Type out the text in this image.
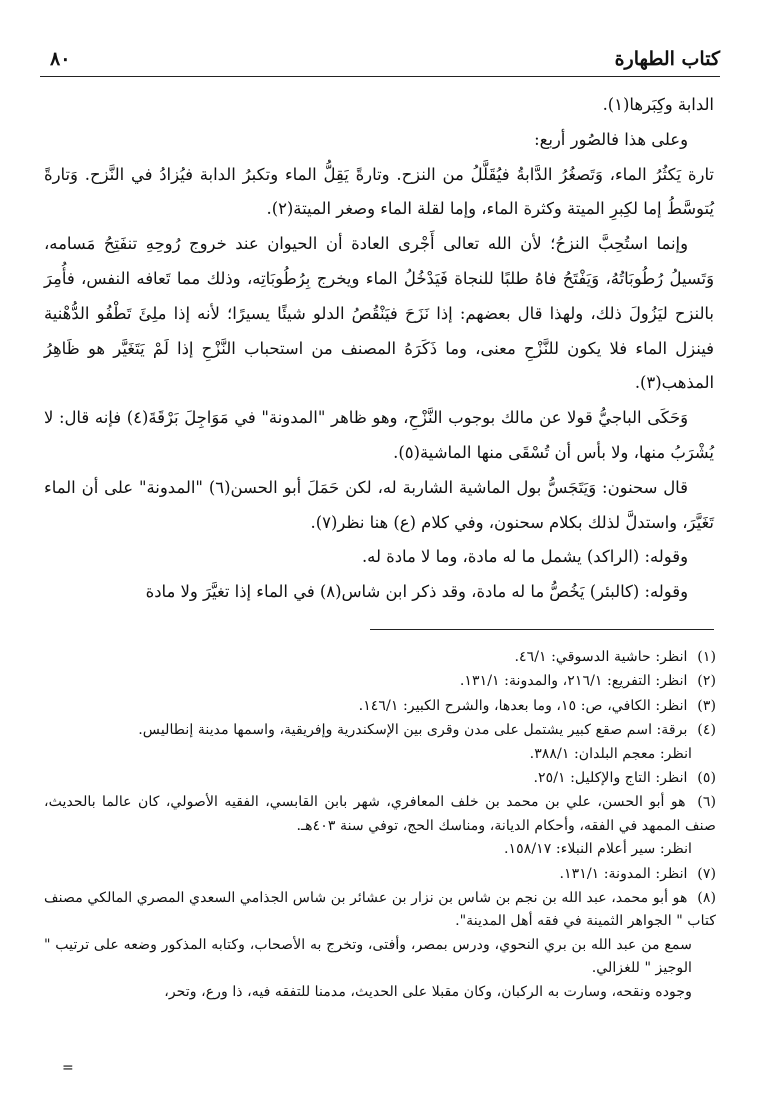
كتاب الطهارة
٨٠

الدابة وكِبَرها(١).

وعلى هذا فالصُور أربع:

تارة يَكثُرُ الماء، وَتَصغُرُ الدَّابةُ فيُقَلَّلُ من النزح. وتارةً يَقِلُّ الماء وتكبرُ الدابة فيُزادُ في النَّزح. وَتارةً يُتوسَّطُ إما لكِبرِ الميتة وكثرة الماء، وإما لقلة الماء وصغر الميتة(٢).

وإنما استُحِبَّ النزحُ؛ لأن الله تعالى أَجْرى العادة أن الحيوان عند خروج رُوحِهِ تنفَتِحُ مَسامه، وَتَسيلُ رُطُوبَاتُهُ، وَيَفْتَحُ فاهُ طلبًا للنجاة فَيَدْخُلُ الماء ويخرج بِرُطُوبَاتِه، وذلك مما تَعافه النفس، فأُمِرَ بالنزح ليَزُولَ ذلك، ولهذا قال بعضهم: إذا نَزَحَ فيَنْقُصُ الدلو شيئًا يسيرًا؛ لأنه إذا ملِئَ تَطْفُو الدُّهْنية فينزل الماء فلا يكون للنَّزْحِ معنى، وما ذَكَرَهُ المصنف من استحباب النَّزْحِ إذا لَمْ يَتَغَيَّر هو ظَاهِرُ المذهب(٣).

وَحَكَى الباجيُّ قولا عن مالك بوجوب النَّزْحِ، وهو ظاهر "المدونة" في مَوَاجِلَ بَرْقَةَ(٤) فإنه قال: لا يُشْرَبُ منها، ولا بأس أن تُسْقَى منها الماشية(٥).

قال سحنون: وَيَتَجَسُّ بول الماشية الشاربة له، لكن حَمَلَ أبو الحسن(٦) "المدونة" على أن الماء تَغَيَّرَ، واستدلَّ لذلك بكلام سحنون، وفي كلام (ع) هنا نظر(٧).

وقوله: (الراكد) يشمل ما له مادة، وما لا مادة له.

وقوله: (كالبئر) يَخُصُّ ما له مادة، وقد ذكر ابن شاس(٨) في الماء إذا تغيَّرَ ولا مادة

(١) انظر: حاشية الدسوقي: ٤٦/١.
(٢) انظر: التفريع: ٢١٦/١، والمدونة: ١٣١/١.
(٣) انظر: الكافي، ص: ١٥، وما بعدها، والشرح الكبير: ١٤٦/١.
(٤) برقة: اسم صقع كبير يشتمل على مدن وقرى بين الإسكندرية وإفريقية، واسمها مدينة إنطاليس.

انظر: معجم البلدان: ٣٨٨/١.

(٥) انظر: التاج والإكليل: ٢٥/١.
(٦) هو أبو الحسن، علي بن محمد بن خلف المعافري، شهر بابن القابسي، الفقيه الأصولي، كان عالما بالحديث، صنف الممهد في الفقه، وأحكام الديانة، ومناسك الحج، توفي سنة ٤٠٣هـ.

انظر: سير أعلام النبلاء: ١٥٨/١٧.

(٧) انظر: المدونة: ١٣١/١.
(٨) هو أبو محمد، عبد الله بن نجم بن شاس بن نزار بن عشائر بن شاس الجذامي السعدي المصري المالكي مصنف كتاب " الجواهر الثمينة في فقه أهل المدينة".

سمع من عبد الله بن بري النحوي، ودرس بمصر، وأفتى، وتخرج به الأصحاب، وكتابه المذكور وضعه على ترتيب " الوجيز " للغزالي.

وجوده ونقحه، وسارت به الركبان، وكان مقبلا على الحديث، مدمنا للتفقه فيه، ذا ورع، وتحر،

=
